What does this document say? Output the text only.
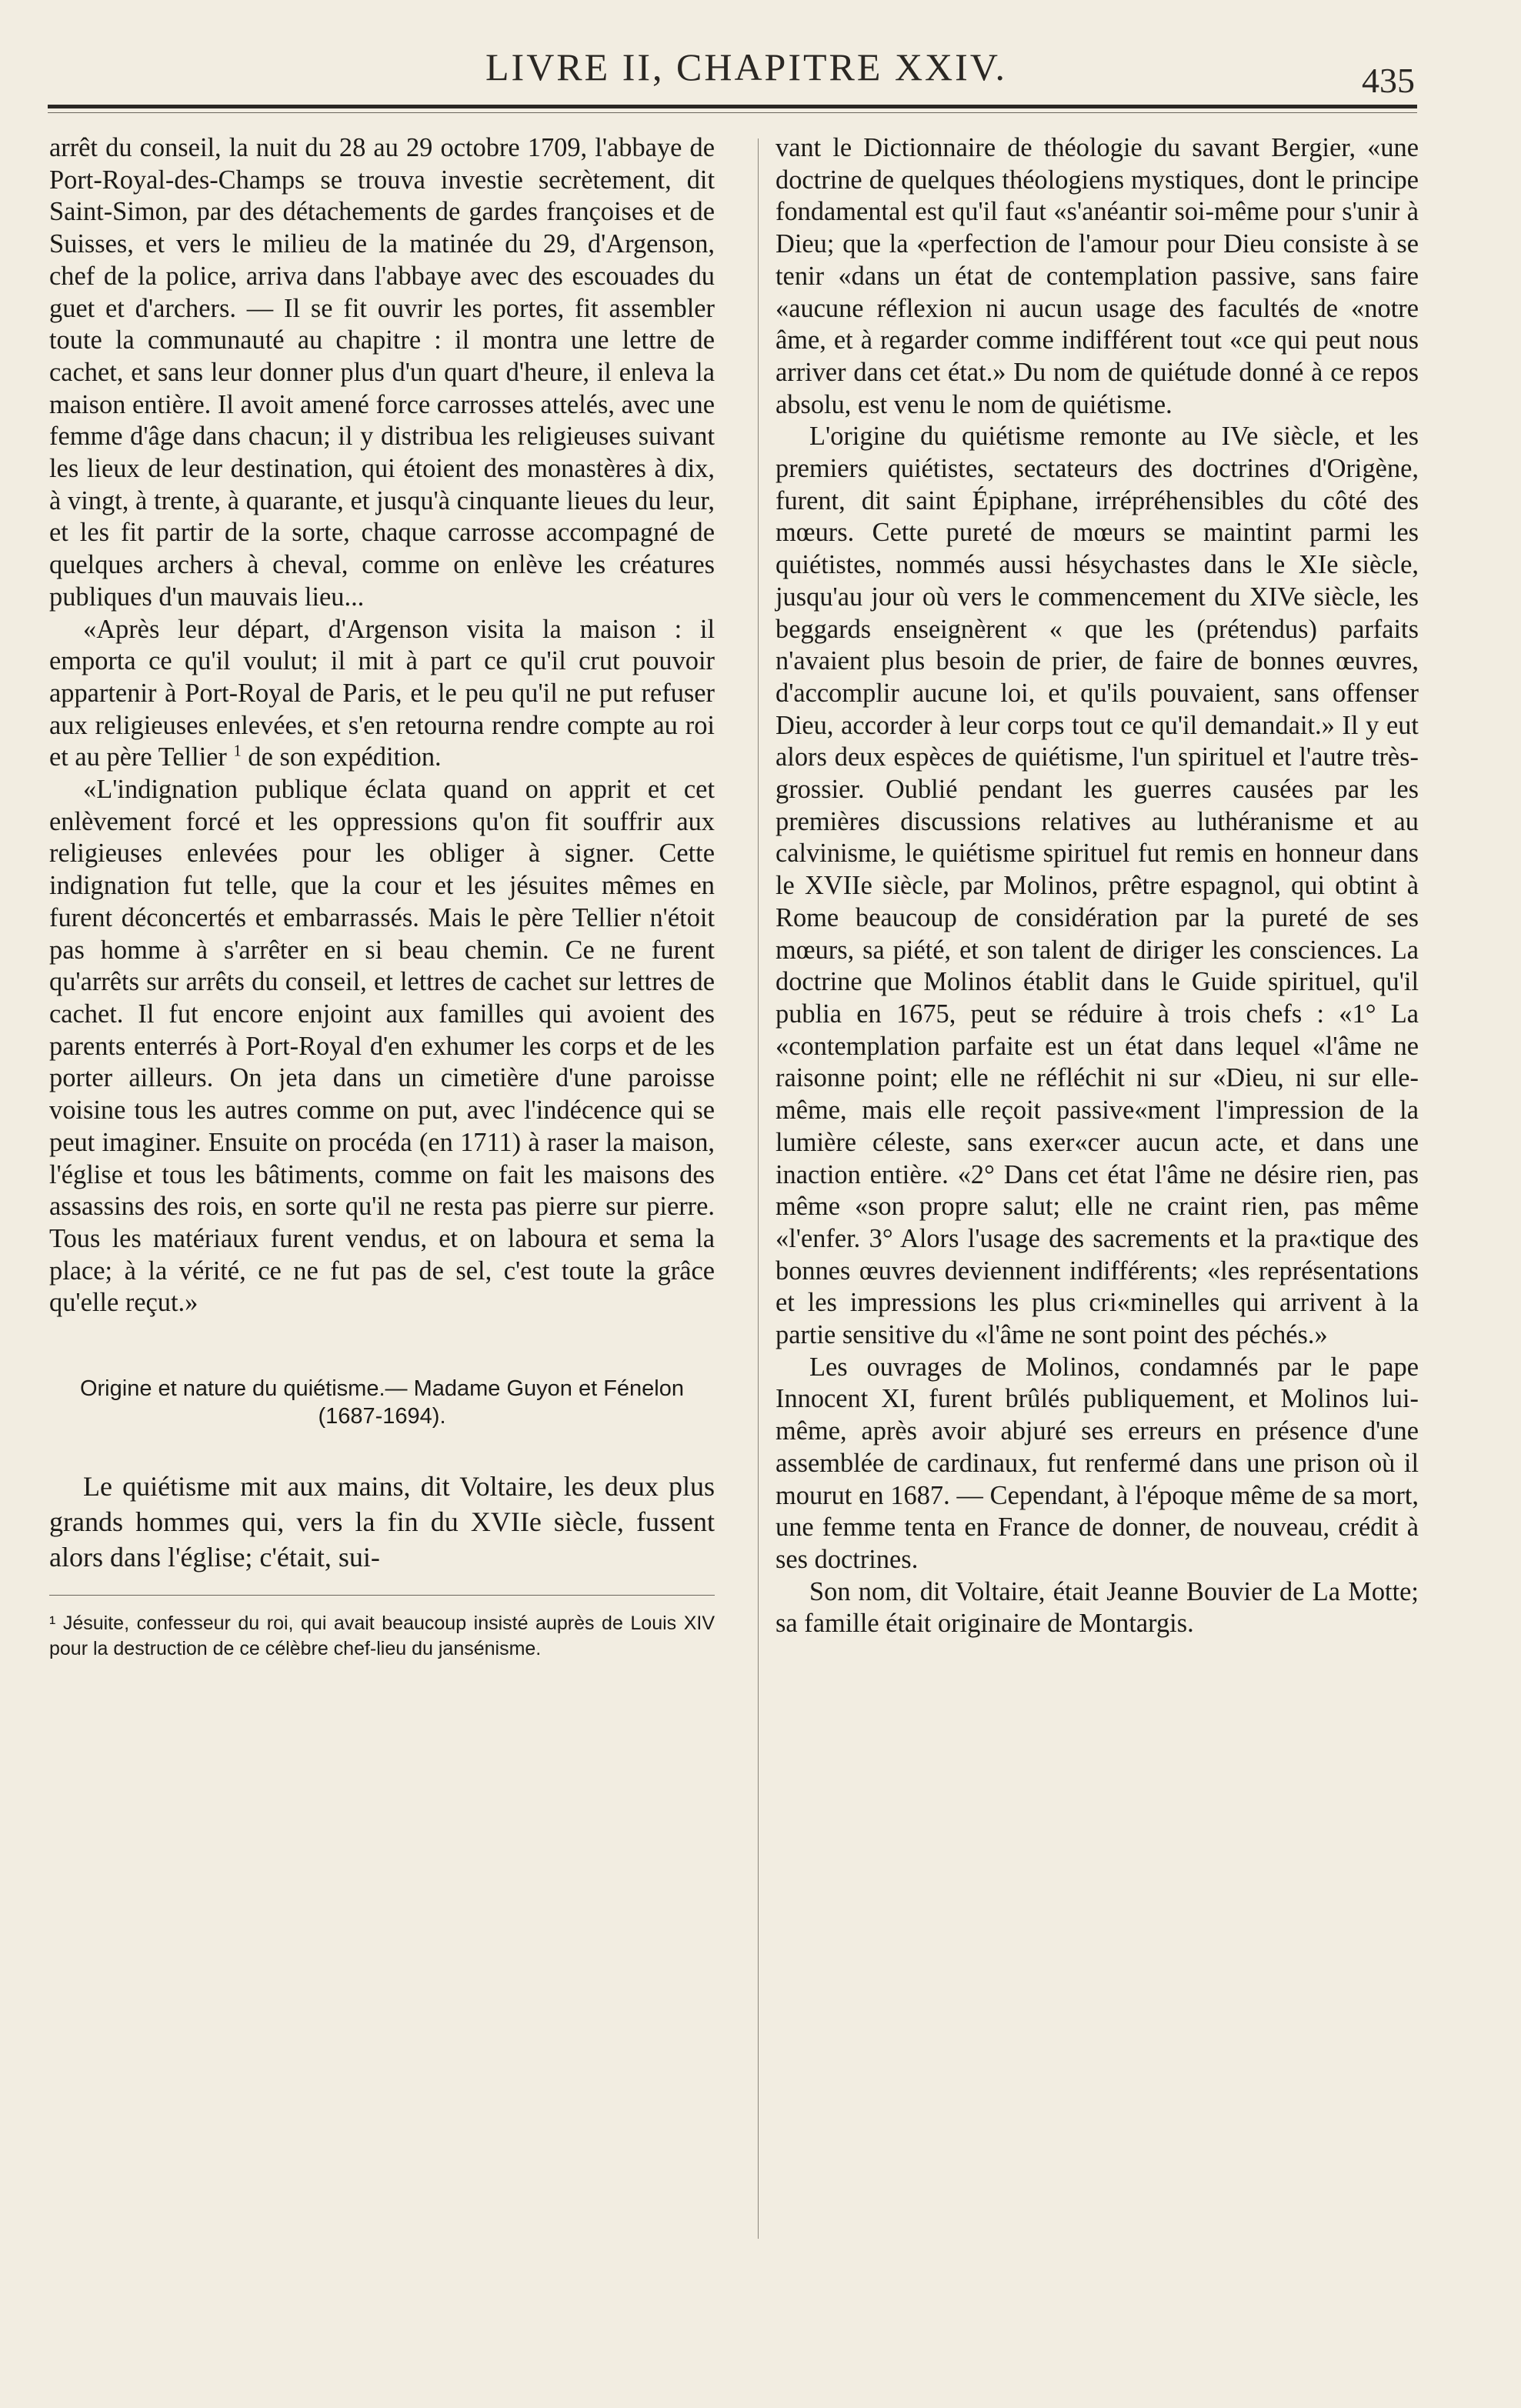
LIVRE II, CHAPITRE XXIV.	435

arrêt du conseil, la nuit du 28 au 29 octobre 1709, l'abbaye de Port-Royal-des-Champs se trouva investie secrètement, dit Saint-Simon, par des détachements de gardes françoises et de Suisses, et vers le milieu de la matinée du 29, d'Argenson, chef de la police, arriva dans l'abbaye avec des escouades du guet et d'archers. — Il se fit ouvrir les portes, fit assembler toute la communauté au chapitre : il montra une lettre de cachet, et sans leur donner plus d'un quart d'heure, il enleva la maison entière. Il avoit amené force carrosses attelés, avec une femme d'âge dans chacun; il y distribua les religieuses suivant les lieux de leur destination, qui étoient des monastères à dix, à vingt, à trente, à quarante, et jusqu'à cinquante lieues du leur, et les fit partir de la sorte, chaque carrosse accompagné de quelques archers à cheval, comme on enlève les créatures publiques d'un mauvais lieu...

«Après leur départ, d'Argenson visita la maison : il emporta ce qu'il voulut; il mit à part ce qu'il crut pouvoir appartenir à Port-Royal de Paris, et le peu qu'il ne put refuser aux religieuses enlevées, et s'en retourna rendre compte au roi et au père Tellier $^1$ de son expédition.

«L'indignation publique éclata quand on apprit et cet enlèvement forcé et les oppressions qu'on fit souffrir aux religieuses enlevées pour les obliger à signer. Cette indignation fut telle, que la cour et les jésuites mêmes en furent déconcertés et embarrassés. Mais le père Tellier n'étoit pas homme à s'arrêter en si beau chemin. Ce ne furent qu'arrêts sur arrêts du conseil, et lettres de cachet sur lettres de cachet. Il fut encore enjoint aux familles qui avoient des parents enterrés à Port-Royal d'en exhumer les corps et de les porter ailleurs. On jeta dans un cimetière d'une paroisse voisine tous les autres comme on put, avec l'indécence qui se peut imaginer. Ensuite on procéda (en 1711) à raser la maison, l'église et tous les bâtiments, comme on fait les maisons des assassins des rois, en sorte qu'il ne resta pas pierre sur pierre. Tous les matériaux furent vendus, et on laboura et sema la place; à la vérité, ce ne fut pas de sel, c'est toute la grâce qu'elle reçut.»

Origine et nature du quiétisme.— Madame Guyon et Fénelon (1687-1694).

Le quiétisme mit aux mains, dit Voltaire, les deux plus grands hommes qui, vers la fin du XVIIe siècle, fussent alors dans l'église; c'était, sui-

¹ Jésuite, confesseur du roi, qui avait beaucoup insisté auprès de Louis XIV pour la destruction de ce célèbre chef-lieu du jansénisme.

vant le Dictionnaire de théologie du savant Bergier, «une doctrine de quelques théologiens mystiques, dont le principe fondamental est qu'il faut «s'anéantir soi-même pour s'unir à Dieu; que la «perfection de l'amour pour Dieu consiste à se tenir «dans un état de contemplation passive, sans faire «aucune réflexion ni aucun usage des facultés de «notre âme, et à regarder comme indifférent tout «ce qui peut nous arriver dans cet état.» Du nom de quiétude donné à ce repos absolu, est venu le nom de quiétisme.

L'origine du quiétisme remonte au IVe siècle, et les premiers quiétistes, sectateurs des doctrines d'Origène, furent, dit saint Épiphane, irrépréhensibles du côté des mœurs. Cette pureté de mœurs se maintint parmi les quiétistes, nommés aussi hésychastes dans le XIe siècle, jusqu'au jour où vers le commencement du XIVe siècle, les beggards enseignèrent « que les (prétendus) parfaits n'avaient plus besoin de prier, de faire de bonnes œuvres, d'accomplir aucune loi, et qu'ils pouvaient, sans offenser Dieu, accorder à leur corps tout ce qu'il demandait.» Il y eut alors deux espèces de quiétisme, l'un spirituel et l'autre très-grossier. Oublié pendant les guerres causées par les premières discussions relatives au luthéranisme et au calvinisme, le quiétisme spirituel fut remis en honneur dans le XVIIe siècle, par Molinos, prêtre espagnol, qui obtint à Rome beaucoup de considération par la pureté de ses mœurs, sa piété, et son talent de diriger les consciences. La doctrine que Molinos établit dans le Guide spirituel, qu'il publia en 1675, peut se réduire à trois chefs : «1° La «contemplation parfaite est un état dans lequel «l'âme ne raisonne point; elle ne réfléchit ni sur «Dieu, ni sur elle-même, mais elle reçoit passive«ment l'impression de la lumière céleste, sans exer«cer aucun acte, et dans une inaction entière. «2° Dans cet état l'âme ne désire rien, pas même «son propre salut; elle ne craint rien, pas même «l'enfer. 3° Alors l'usage des sacrements et la pra«tique des bonnes œuvres deviennent indifférents; «les représentations et les impressions les plus cri«minelles qui arrivent à la partie sensitive du «l'âme ne sont point des péchés.»

Les ouvrages de Molinos, condamnés par le pape Innocent XI, furent brûlés publiquement, et Molinos lui-même, après avoir abjuré ses erreurs en présence d'une assemblée de cardinaux, fut renfermé dans une prison où il mourut en 1687. — Cependant, à l'époque même de sa mort, une femme tenta en France de donner, de nouveau, crédit à ses doctrines.

Son nom, dit Voltaire, était Jeanne Bouvier de La Motte; sa famille était originaire de Montargis.
